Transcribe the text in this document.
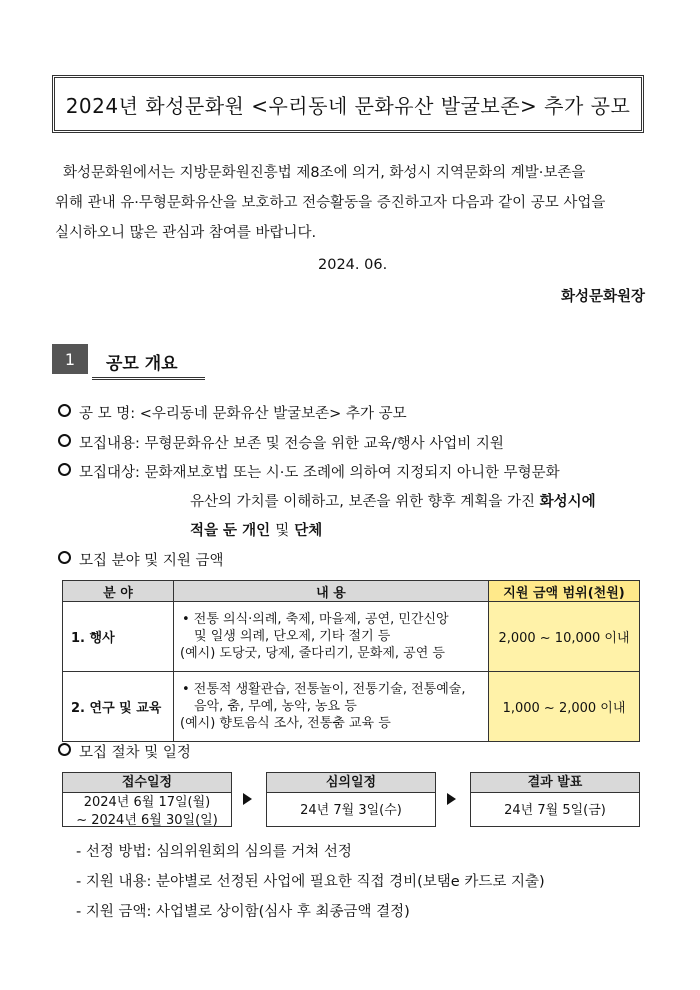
2024년 화성문화원 <우리동네 문화유산 발굴보존> 추가 공모
화성문화원에서는 지방문화원진흥법 제8조에 의거, 화성시 지역문화의 계발·보존을
위해 관내 유·무형문화유산을 보호하고 전승활동을 증진하고자 다음과 같이 공모 사업을
실시하오니 많은 관심과 참여를 바랍니다.
2024. 06.
화성문화원장
1	공모 개요
공 모 명: <우리동네 문화유산 발굴보존> 추가 공모
모집내용: 무형문화유산 보존 및 전승을 위한 교육/행사 사업비 지원
모집대상: 문화재보호법 또는 시·도 조례에 의하여 지정되지 아니한 무형문화
유산의 가치를 이해하고, 보존을 위한 향후 계획을 가진 화성시에
적을 둔 개인 및 단체
모집 분야 및 지원 금액
분 야	내 용	지원 금액 범위(천원)
1. 행사	• 전통 의식·의례, 축제, 마을제, 공연, 민간신앙
및 일생 의례, 단오제, 기타 절기 등
(예시) 도당굿, 당제, 줄다리기, 문화제, 공연 등	2,000 ~ 10,000 이내
2. 연구 및 교육	• 전통적 생활관습, 전통놀이, 전통기술, 전통예술,
음악, 춤, 무예, 농악, 농요 등
(예시) 향토음식 조사, 전통춤 교육 등	1,000 ~ 2,000 이내
모집 절차 및 일정
접수일정
2024년 6월 17일(월)
~ 2024년 6월 30일(일)
심의일정
24년 7월 3일(수)
결과 발표
24년 7월 5일(금)
- 선정 방법: 심의위원회의 심의를 거쳐 선정
- 지원 내용: 분야별로 선정된 사업에 필요한 직접 경비(보탬e 카드로 지출)
- 지원 금액: 사업별로 상이함(심사 후 최종금액 결정)
